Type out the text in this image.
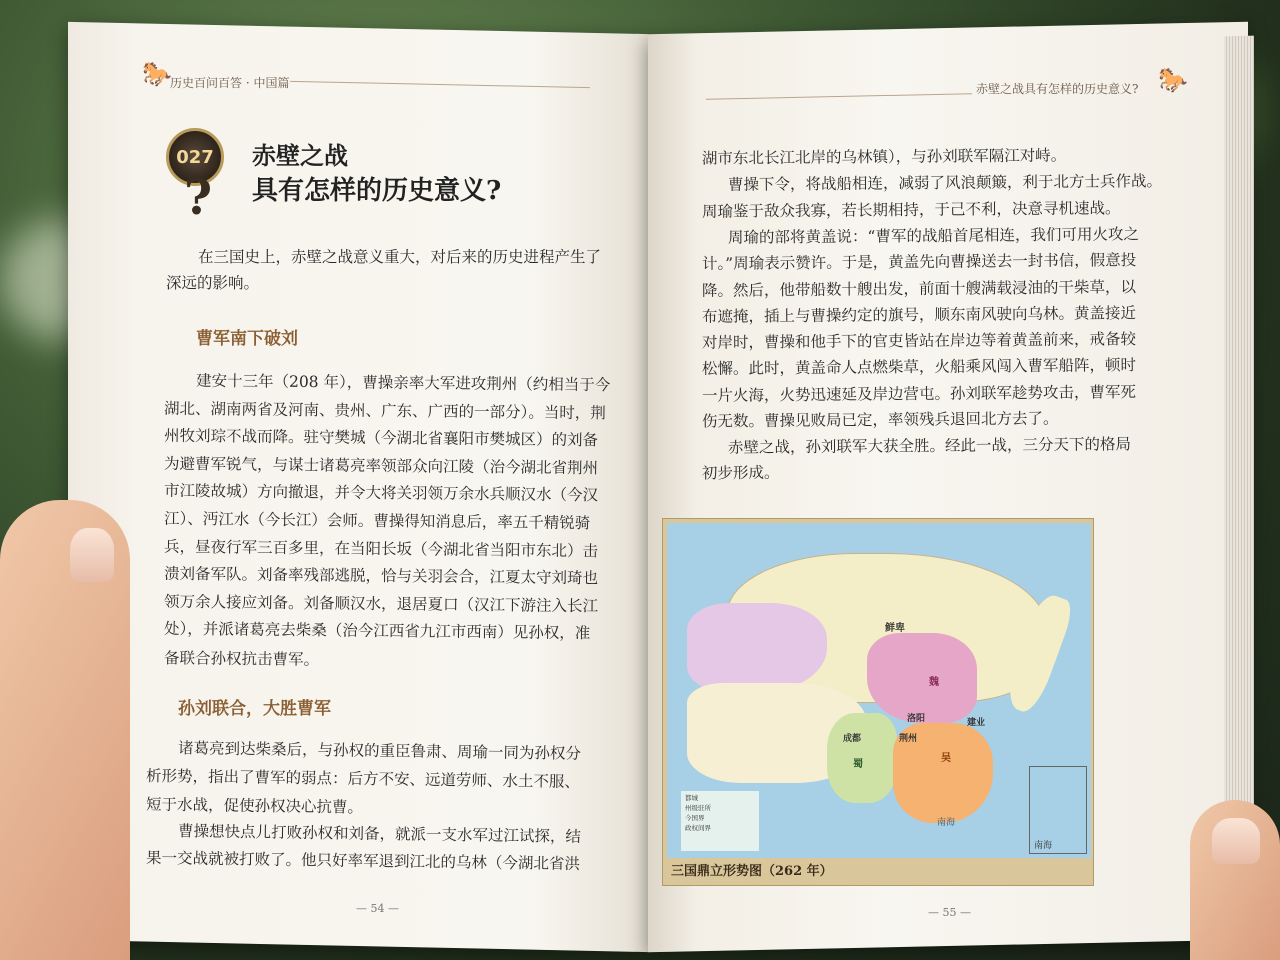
🐎
历史百问百答 · 中国篇
027
?
赤壁之战
具有怎样的历史意义?
在三国史上，赤壁之战意义重大，对后来的历史进程产生了
深远的影响。
曹军南下破刘
建安十三年（208 年），曹操亲率大军进攻荆州（约相当于今
湖北、湖南两省及河南、贵州、广东、广西的一部分）。当时，荆
州牧刘琮不战而降。驻守樊城（今湖北省襄阳市樊城区）的刘备
为避曹军锐气，与谋士诸葛亮率领部众向江陵（治今湖北省荆州
市江陵故城）方向撤退，并令大将关羽领万余水兵顺汉水（今汉
江）、沔江水（今长江）会师。曹操得知消息后，率五千精锐骑
兵，昼夜行军三百多里，在当阳长坂（今湖北省当阳市东北）击
溃刘备军队。刘备率残部逃脱，恰与关羽会合，江夏太守刘琦也
领万余人接应刘备。刘备顺汉水，退居夏口（汉江下游注入长江
处），并派诸葛亮去柴桑（治今江西省九江市西南）见孙权，准
备联合孙权抗击曹军。
孙刘联合，大胜曹军
诸葛亮到达柴桑后，与孙权的重臣鲁肃、周瑜一同为孙权分
析形势，指出了曹军的弱点：后方不安、远道劳师、水土不服、
短于水战，促使孙权决心抗曹。
曹操想快点儿打败孙权和刘备，就派一支水军过江试探，结
果一交战就被打败了。他只好率军退到江北的乌林（今湖北省洪
— 54 —
赤壁之战具有怎样的历史意义? 🐎
湖市东北长江北岸的乌林镇），与孙刘联军隔江对峙。
曹操下令，将战船相连，减弱了风浪颠簸，利于北方士兵作战。
周瑜鉴于敌众我寡，若长期相持，于己不利，决意寻机速战。
周瑜的部将黄盖说：“曹军的战船首尾相连，我们可用火攻之
计。”周瑜表示赞许。于是，黄盖先向曹操送去一封书信，假意投
降。然后，他带船数十艘出发，前面十艘满载浸油的干柴草，以
布遮掩，插上与曹操约定的旗号，顺东南风驶向乌林。黄盖接近
对岸时，曹操和他手下的官吏皆站在岸边等着黄盖前来，戒备较
松懈。此时，黄盖命人点燃柴草，火船乘风闯入曹军船阵，顿时
一片火海，火势迅速延及岸边营屯。孙刘联军趁势攻击，曹军死
伤无数。曹操见败局已定，率领残兵退回北方去了。
赤壁之战，孙刘联军大获全胜。经此一战，三分天下的格局
初步形成。
鲜卑
魏
蜀
吴
洛阳	建业
成都	荆州
南海
都城
州级驻所
今国界
政权间界
南海
三国鼎立形势图（262 年）
— 55 —
